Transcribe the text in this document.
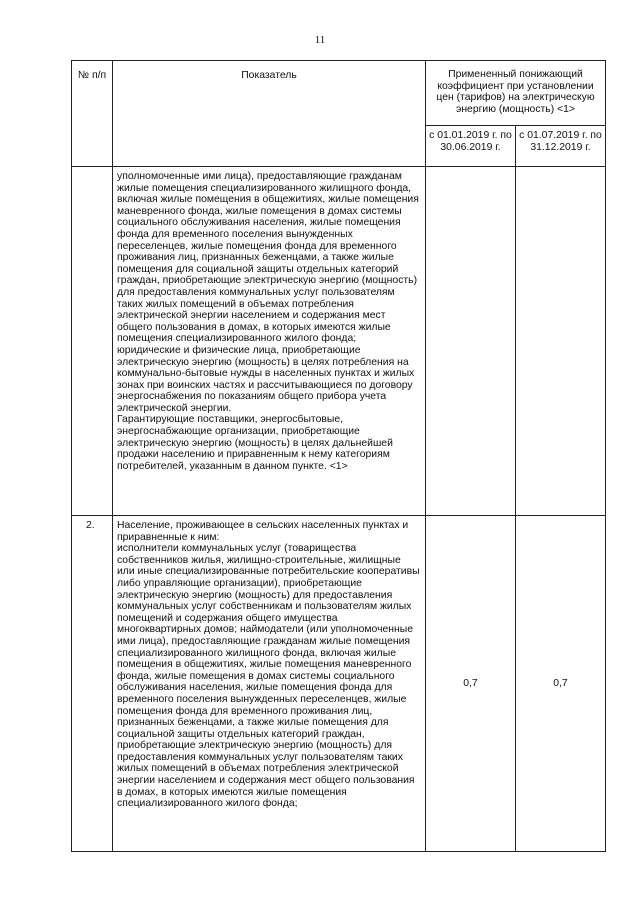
11
№ п/п	Показатель	Примененный понижающий коэффициент при установлении цен (тарифов) на электрическую энергию (мощность) <1>	
		с 01.01.2019 г. по 30.06.2019 г.	с 01.07.2019 г. по 31.12.2019 г.

	уполномоченные ими лица), предоставляющие гражданам жилые помещения специализированного жилищного фонда, включая жилые помещения в общежитиях, жилые помещения маневренного фонда, жилые помещения в домах системы социального обслуживания населения, жилые помещения фонда для временного поселения вынужденных переселенцев, жилые помещения фонда для временного проживания лиц, признанных беженцами, а также жилые помещения для социальной защиты отдельных категорий граждан, приобретающие электрическую энергию (мощность) для предоставления коммунальных услуг пользователям таких жилых помещений в объемах потребления электрической энергии населением и содержания мест общего пользования в домах, в которых имеются жилые помещения специализированного жилого фонда;
юридические и физические лица, приобретающие электрическую энергию (мощность) в целях потребления на коммунально-бытовые нужды в населенных пунктах и жилых зонах при воинских частях и рассчитывающиеся по договору энергоснабжения по показаниям общего прибора учета электрической энергии.
Гарантирующие поставщики, энергосбытовые, энергоснабжающие организации, приобретающие электрическую энергию (мощность) в целях дальнейшей продажи населению и приравненным к нему категориям потребителей, указанным в данном пункте. <1>		

2.	Население, проживающее в сельских населенных пунктах и приравненные к ним:
исполнители коммунальных услуг (товарищества собственников жилья, жилищно-строительные, жилищные или иные специализированные потребительские кооперативы либо управляющие организации), приобретающие электрическую энергию (мощность) для предоставления коммунальных услуг собственникам и пользователям жилых помещений и содержания общего имущества многоквартирных домов; наймодатели (или уполномоченные ими лица), предоставляющие гражданам жилые помещения специализированного жилищного фонда, включая жилые помещения в общежитиях, жилые помещения маневренного фонда, жилые помещения в домах системы социального обслуживания населения, жилые помещения фонда для временного поселения вынужденных переселенцев, жилые помещения фонда для временного проживания лиц, признанных беженцами, а также жилые помещения для социальной защиты отдельных категорий граждан, приобретающие электрическую энергию (мощность) для предоставления коммунальных услуг пользователям таких жилых помещений в объемах потребления электрической энергии населением и содержания мест общего пользования в домах, в которых имеются жилые помещения специализированного жилого фонда;	0,7	0,7
